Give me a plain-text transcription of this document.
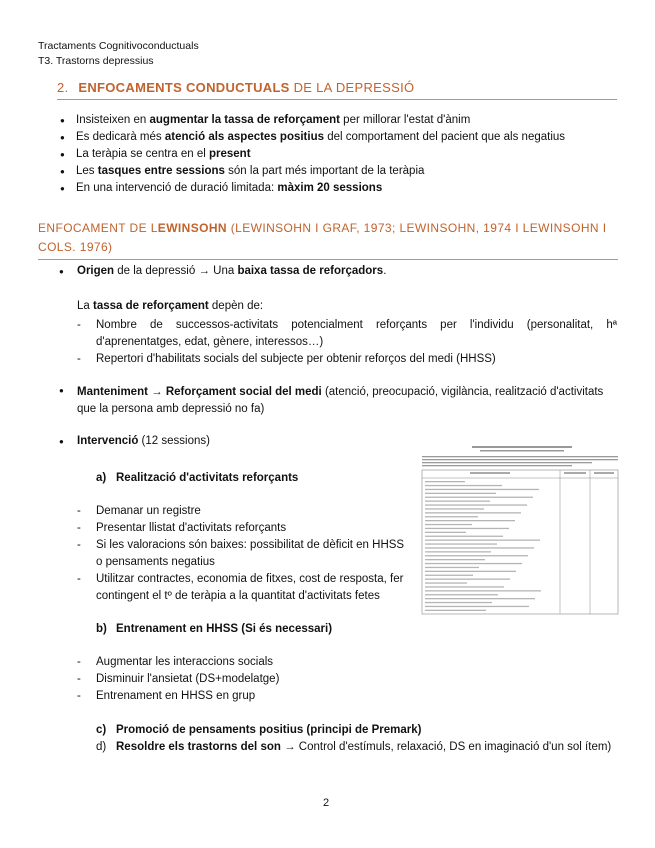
Tractaments Cognitivoconductuals
T3. Trastorns depressius
2. ENFOCAMENTS CONDUCTUALS DE LA DEPRESSIÓ
● Insisteixen en augmentar la tassa de reforçament per millorar l'estat d'ànim
● Es dedicarà més atenció als aspectes positius del comportament del pacient que als negatius
● La teràpia se centra en el present
● Les tasques entre sessions són la part més important de la teràpia
● En una intervenció de duració limitada: màxim 20 sessions
ENFOCAMENT DE LEWINSOHN (LEWINSOHN I GRAF, 1973; LEWINSOHN, 1974 I LEWINSOHN I COLS. 1976)
● Origen de la depressió → Una baixa tassa de reforçadors.
La tassa de reforçament depèn de:
- Nombre de successos-activitats potencialment reforçants per l'individu (personalitat, hª d'aprenentatges, edat, gènere, interessos…)
- Repertori d'habilitats socials del subjecte per obtenir reforços del medi (HHSS)
● Manteniment → Reforçament social del medi (atenció, preocupació, vigilància, realització d'activitats que la persona amb depressió no fa)
● Intervenció (12 sessions)
a) Realització d'activitats reforçants
- Demanar un registre
- Presentar llistat d'activitats reforçants
- Si les valoracions són baixes: possibilitat de dèficit en HHSS o pensaments negatius
- Utilitzar contractes, economia de fitxes, cost de resposta, fer contingent el tº de teràpia a la quantitat d'activitats fetes
b) Entrenament en HHSS (Si és necessari)
- Augmentar les interaccions socials
- Disminuir l'ansietat (DS+modelatge)
- Entrenament en HHSS en grup
c) Promoció de pensaments positius (principi de Premark)
d) Resoldre els trastorns del son → Control d'estímuls, relaxació, DS en imaginació d'un sol ítem)
2
